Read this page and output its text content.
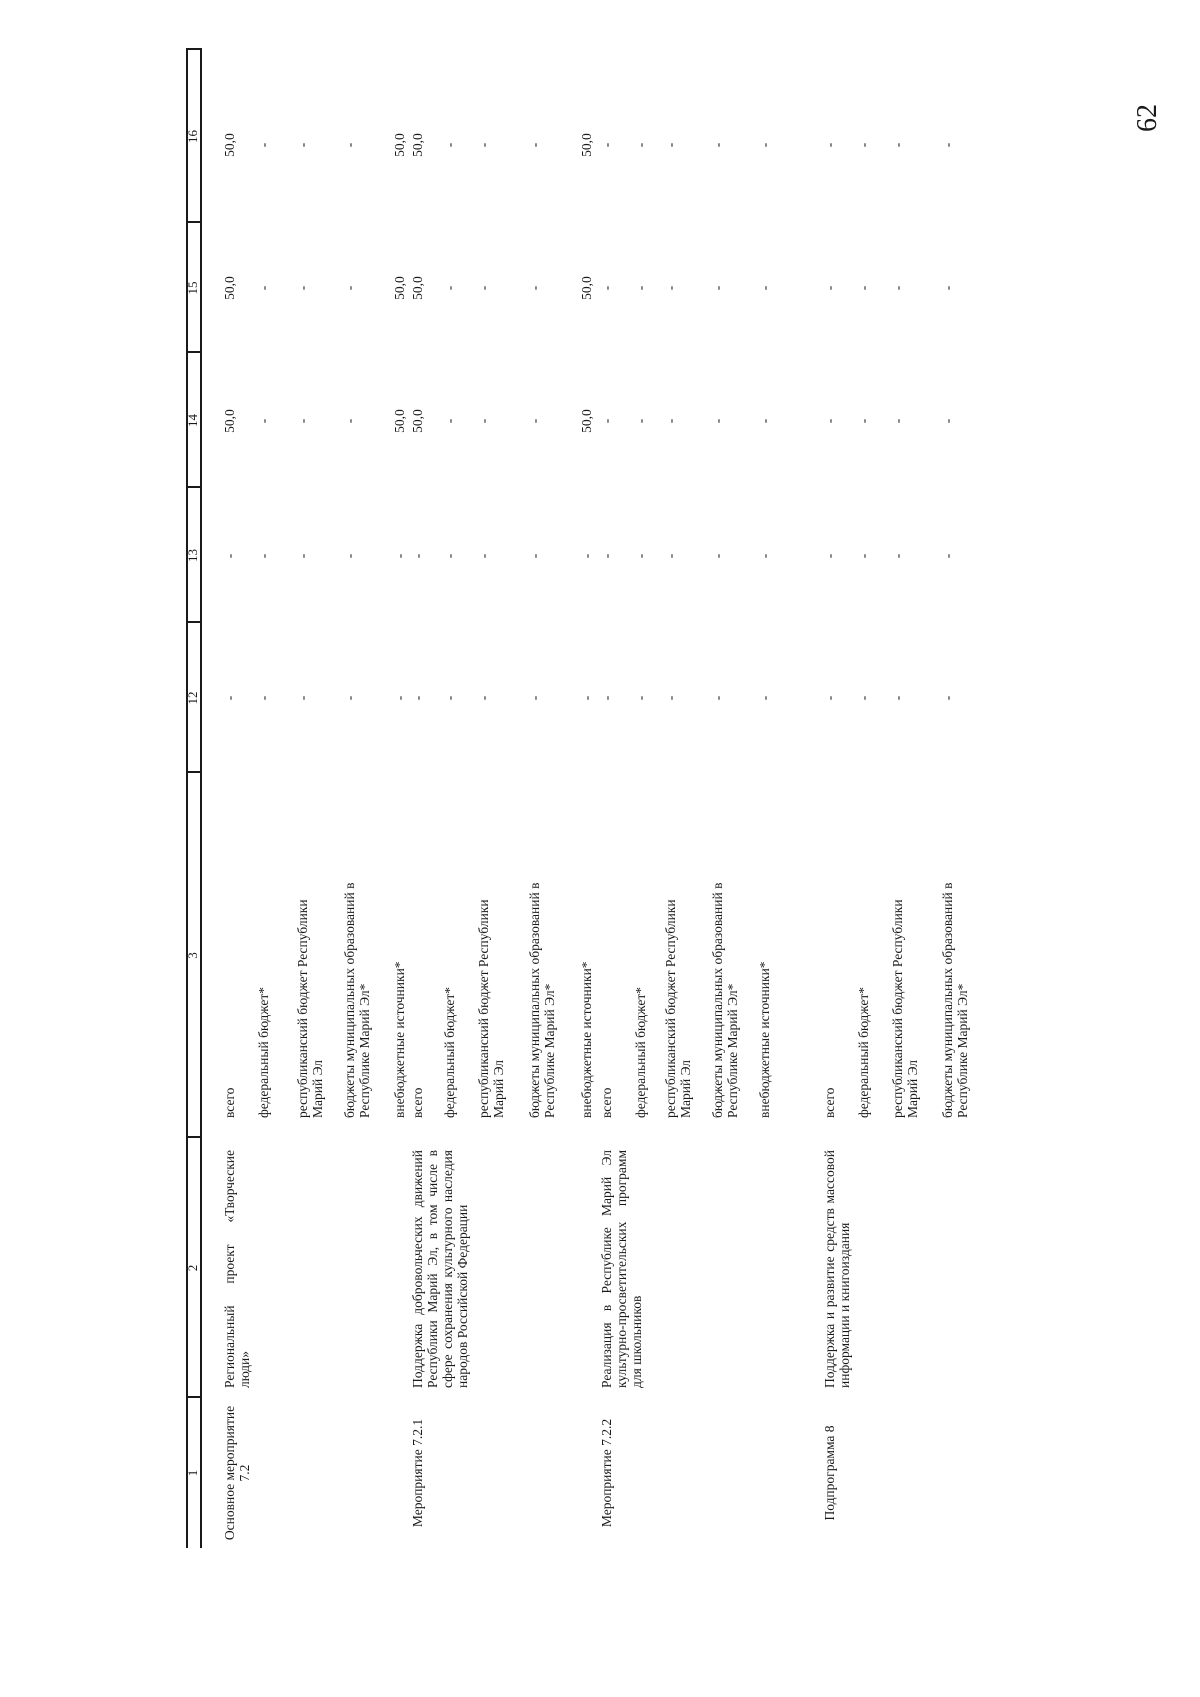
62
1
2
3
12
13
14
15
16
Основное мероприятие 7.2
Региональный проект «Творческие люди»
всего
-
-
50,0
50,0
50,0
федеральный бюджет*
-
-
-
-
-
республиканский бюджет Республики Марий Эл
-
-
-
-
-
бюджеты муниципальных образований в Республике Марий Эл*
-
-
-
-
-
внебюджетные источники*
-
-
50,0
50,0
50,0
Мероприятие 7.2.1
Поддержка добровольческих движений Республики Марий Эл, в том числе в сфере сохранения культурного наследия народов Российской Федерации
всего
-
-
50,0
50,0
50,0
федеральный бюджет*
-
-
-
-
-
республиканский бюджет Республики Марий Эл
-
-
-
-
-
бюджеты муниципальных образований в Республике Марий Эл*
-
-
-
-
-
внебюджетные источники*
-
-
50,0
50,0
50,0
Мероприятие 7.2.2
Реализация в Республике Марий Эл культурно-просветительских программ для школьников
всего
-
-
-
-
-
федеральный бюджет*
-
-
-
-
-
республиканский бюджет Республики Марий Эл
-
-
-
-
-
бюджеты муниципальных образований в Республике Марий Эл*
-
-
-
-
-
внебюджетные источники*
-
-
-
-
-
Подпрограмма 8
Поддержка и развитие средств массовой информации и книгоиздания
всего
-
-
-
-
-
федеральный бюджет*
-
-
-
-
-
республиканский бюджет Республики Марий Эл
-
-
-
-
-
бюджеты муниципальных образований в Республике Марий Эл*
-
-
-
-
-
